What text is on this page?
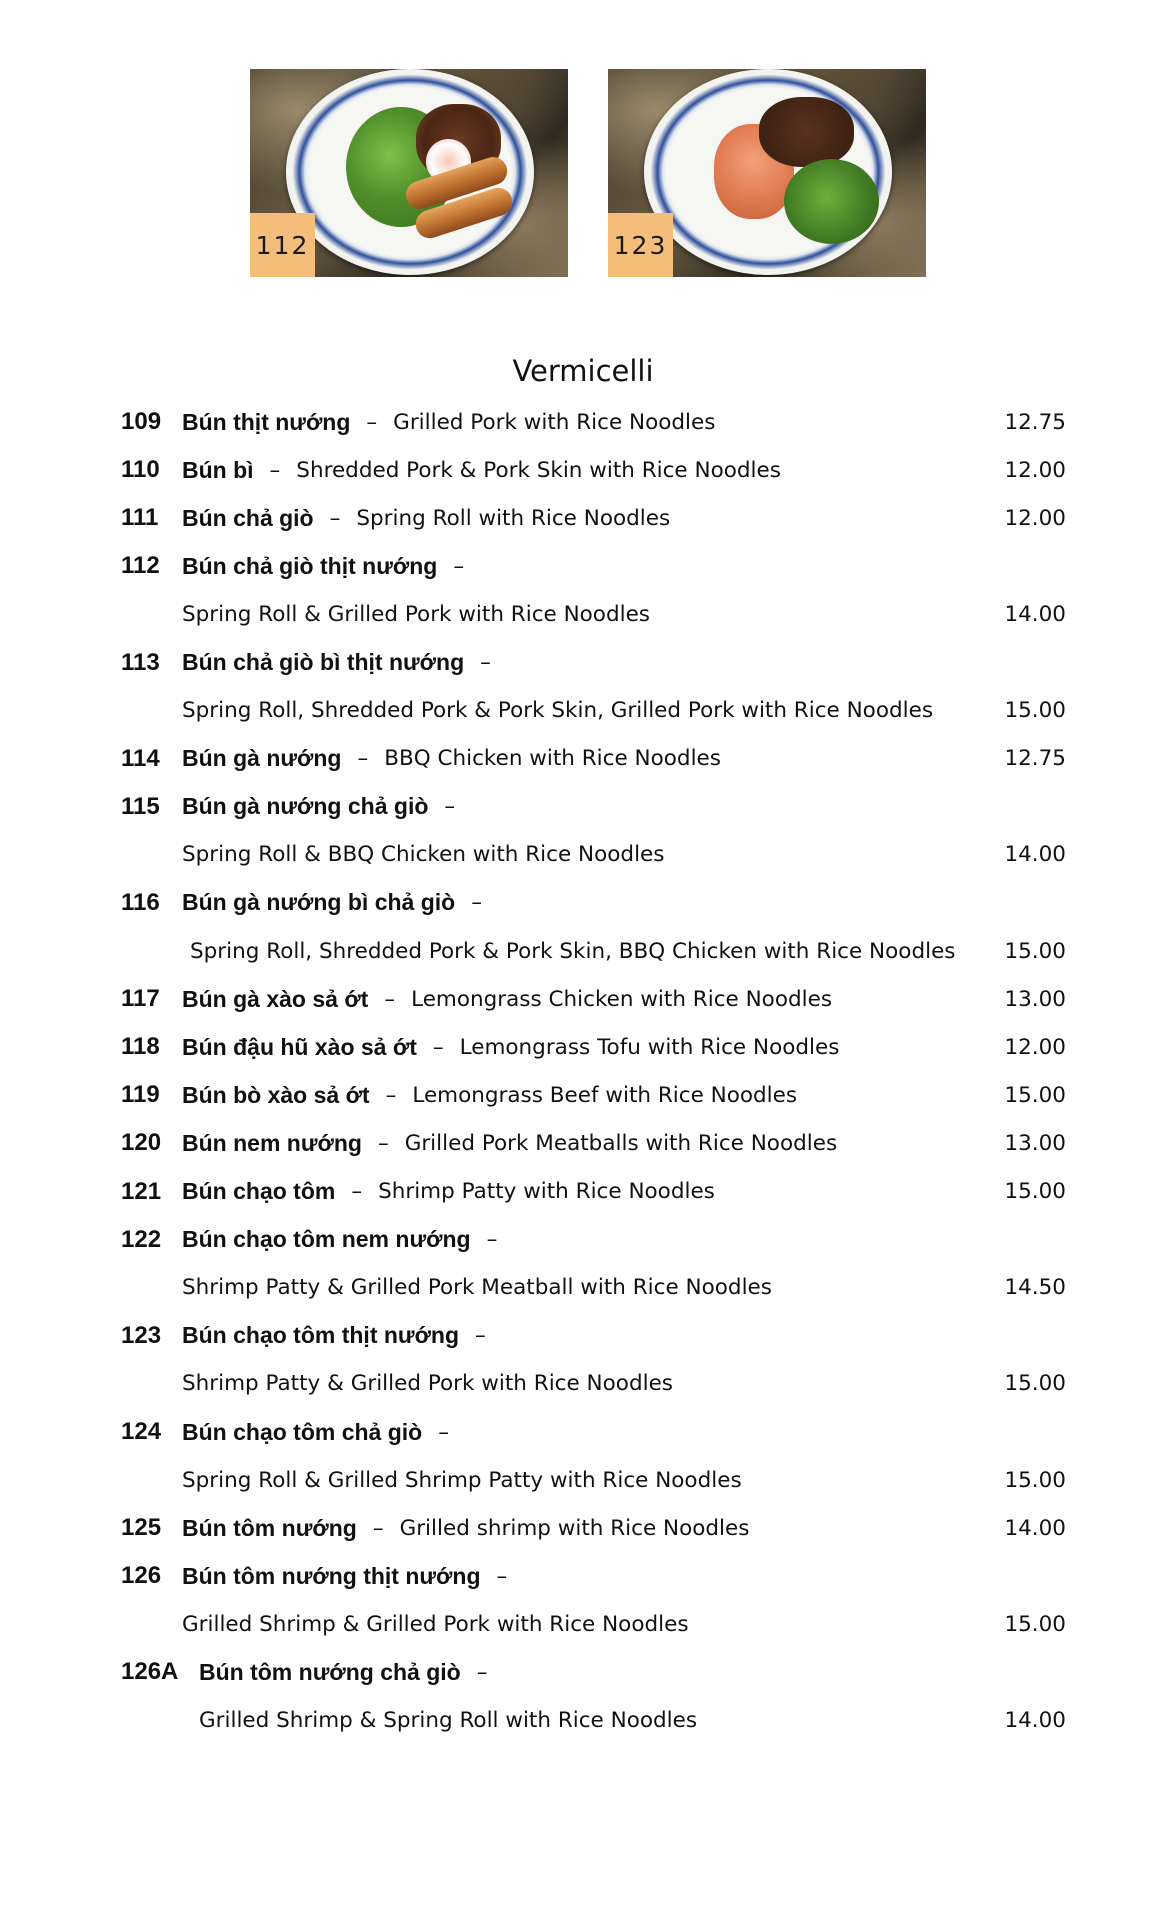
112	123
Vermicelli
109 Bún thịt nướng – Grilled Pork with Rice Noodles	12.75
110 Bún bì – Shredded Pork & Pork Skin with Rice Noodles	12.00
111	Bún chả giò – Spring Roll with Rice Noodles	12.00
112 Bún chả giò thịt nướng –
Spring Roll & Grilled Pork with Rice Noodles	14.00
113 Bún chả giò bì thịt nướng –
Spring Roll, Shredded Pork & Pork Skin, Grilled Pork with Rice Noodles	15.00
114 Bún gà nướng – BBQ Chicken with Rice Noodles	12.75
115 Bún gà nướng chả giò –
Spring Roll & BBQ Chicken with Rice Noodles	14.00
116 Bún gà nướng bì chả giò –
Spring Roll, Shredded Pork & Pork Skin, BBQ Chicken with Rice Noodles 15.00
117 Bún gà xào sả ớt – Lemongrass Chicken with Rice Noodles	13.00
118 Bún đậu hũ xào sả ớt – Lemongrass Tofu with Rice Noodles	12.00
119 Bún bò xào sả ớt – Lemongrass Beef with Rice Noodles	15.00
120 Bún nem nướng – Grilled Pork Meatballs with Rice Noodles	13.00
121 Bún chạo tôm – Shrimp Patty with Rice Noodles	15.00
122 Bún chạo tôm nem nướng –
Shrimp Patty & Grilled Pork Meatball with Rice Noodles	14.50
123 Bún chạo tôm thịt nướng –
Shrimp Patty & Grilled Pork with Rice Noodles	15.00
124 Bún chạo tôm chả giò –
Spring Roll & Grilled Shrimp Patty with Rice Noodles	15.00
125 Bún tôm nướng – Grilled shrimp with Rice Noodles	14.00
126 Bún tôm nướng thịt nướng –
Grilled Shrimp & Grilled Pork with Rice Noodles	15.00
126A Bún tôm nướng chả giò –
Grilled Shrimp & Spring Roll with Rice Noodles	14.00
